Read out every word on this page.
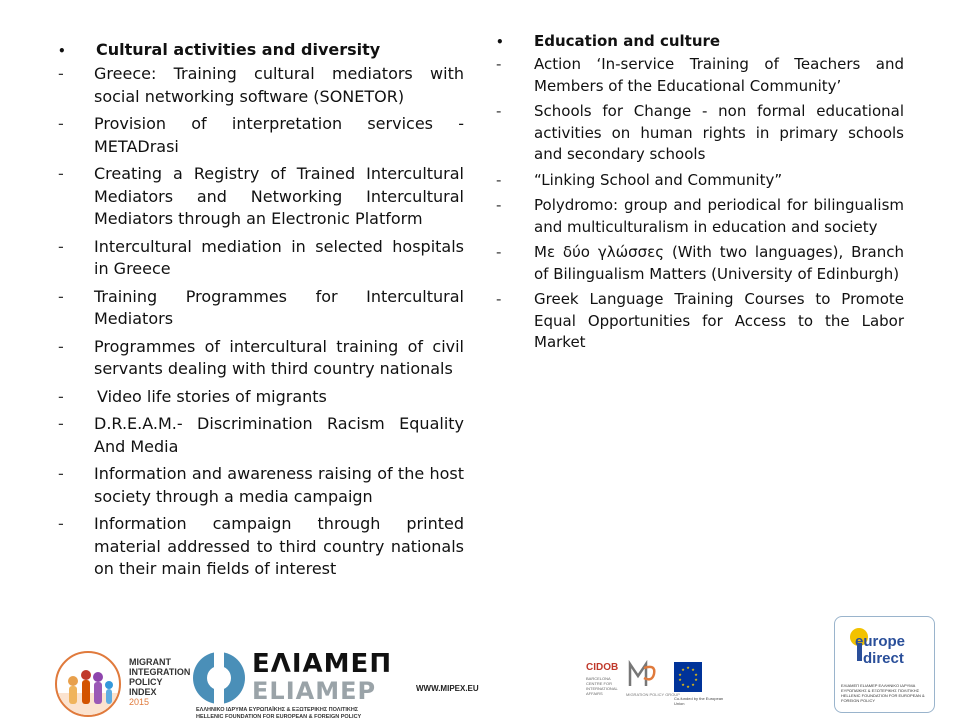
•	Cultural activities and diversity
-	Greece: Training cultural mediators with social networking software (SONETOR)
-	Provision of interpretation services - METADrasi
-	Creating a Registry of Trained Intercultural Mediators and Networking Intercultural Mediators through an Electronic Platform
-	Intercultural mediation in selected hospitals in Greece
-	Training Programmes for Intercultural Mediators
-	Programmes of intercultural training of civil servants dealing with third country nationals
-	Video life stories of migrants
-	D.R.E.A.M.- Discrimination Racism Equality And Media
-	Information and awareness raising of the host society through a media campaign
-	Information campaign through printed material addressed to third country nationals on their main fields of interest
•	Education and culture
-	Action ‘In-service Training of Teachers and Members of the Educational Community’
-	Schools for Change - non formal educational activities on human rights in primary schools and secondary schools
-	“Linking School and Community”
-	Polydromo: group and periodical for bilingualism and multiculturalism in education and society
-	Με δύο γλώσσες (With two languages), Branch of Bilingualism Matters (University of Edinburgh)
-	Greek Language Training Courses to Promote Equal Opportunities for Access to the Labor Market
MIGRANT
INTEGRATION
POLICY INDEX
2015
ΕΛΙΑΜΕΠ
ELIAMEP
ΕΛΛΗΝΙΚΟ ΙΔΡΥΜΑ ΕΥΡΩΠΑΪΚΗΣ & ΕΞΩΤΕΡΙΚΗΣ ΠΟΛΙΤΙΚΗΣ
HELLENIC FOUNDATION FOR EUROPEAN & FOREIGN POLICY
WWW.MIPEX.EU
CIDOB
BARCELONA CENTRE FOR INTERNATIONAL AFFAIRS	MIGRATION POLICY GROUP
★ ★
★
★
★
★
★
★
★
★
Co-funded by the European Union
europe
direct
ΕΛΙΑΜΕΠ ELIAMEP ΕΛΛΗΝΙΚΟ ΙΔΡΥΜΑ ΕΥΡΩΠΑΪΚΗΣ & ΕΞΩΤΕΡΙΚΗΣ ΠΟΛΙΤΙΚΗΣ HELLENIC FOUNDATION FOR EUROPEAN & FOREIGN POLICY
